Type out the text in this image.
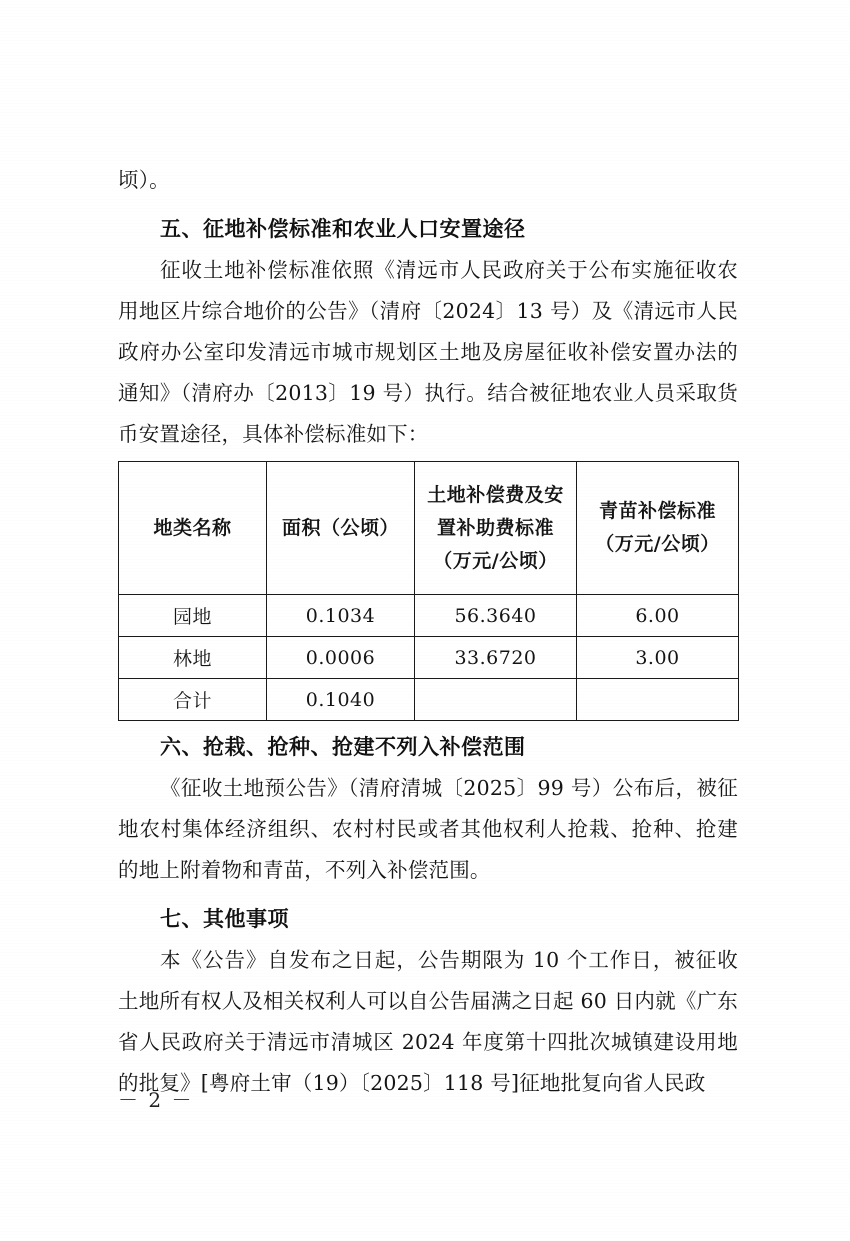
顷）。

五、征地补偿标准和农业人口安置途径

征收土地补偿标准依照《清远市人民政府关于公布实施征收农用地区片综合地价的公告》（清府〔2024〕13 号）及《清远市人民政府办公室印发清远市城市规划区土地及房屋征收补偿安置办法的通知》（清府办〔2013〕19 号）执行。结合被征地农业人员采取货币安置途径，具体补偿标准如下：

地类名称	面积（公顷）	土地补偿费及安置补助费标准（万元/公顷）	青苗补偿标准（万元/公顷）
园地	0.1034	56.3640	6.00
林地	0.0006	33.6720	3.00
合计	0.1040		

六、抢栽、抢种、抢建不列入补偿范围

《征收土地预公告》（清府清城〔2025〕99 号）公布后，被征地农村集体经济组织、农村村民或者其他权利人抢栽、抢种、抢建的地上附着物和青苗，不列入补偿范围。

七、其他事项

本《公告》自发布之日起，公告期限为 10 个工作日，被征收土地所有权人及相关权利人可以自公告届满之日起 60 日内就《广东省人民政府关于清远市清城区 2024 年度第十四批次城镇建设用地的批复》[粤府土审（19）〔2025〕118 号]征地批复向省人民政

－ 2 －
